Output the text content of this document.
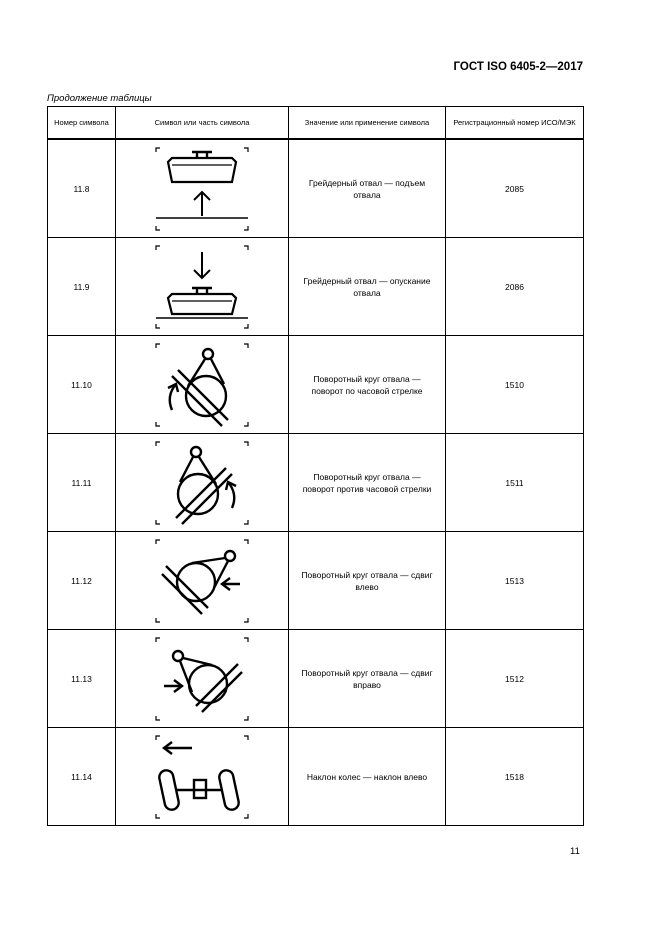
ГОСТ ISO 6405-2—2017
Продолжение таблицы
Номер символа	Символ или часть символа	Значение или применение символа	Регистрационный номер ИСО/МЭК
11.8		Грейдерный отвал — подъем отвала	2085
11.9		Грейдерный отвал — опускание отвала	2086
11.10		Поворотный круг отвала — поворот по часовой стрелке	1510
11.11		Поворотный круг отвала — поворот против часовой стрелки	1511
11.12		Поворотный круг отвала — сдвиг влево	1513
11.13		Поворотный круг отвала — сдвиг вправо	1512
11.14		Наклон колес — наклон влево	1518
11
